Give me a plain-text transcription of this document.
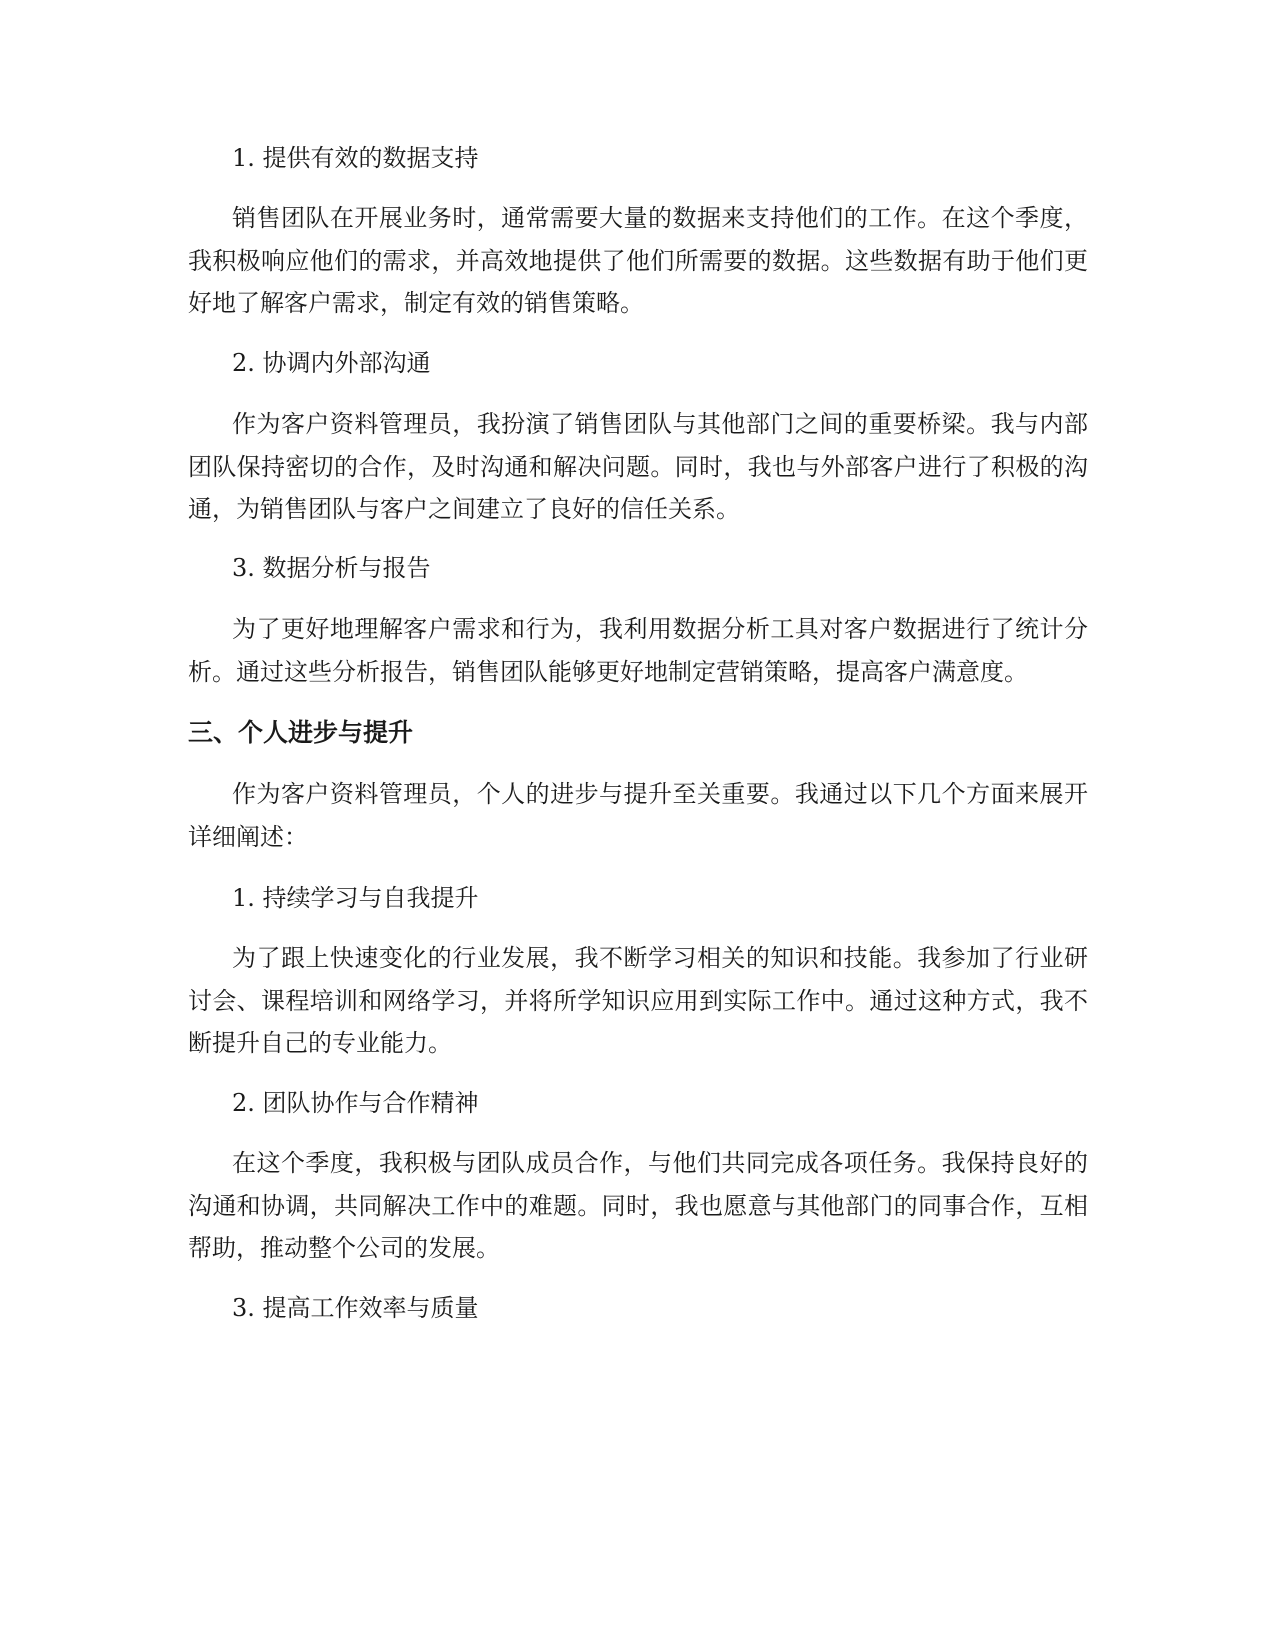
1. 提供有效的数据支持

销售团队在开展业务时，通常需要大量的数据来支持他们的工作。在这个季度，我积极响应他们的需求，并高效地提供了他们所需要的数据。这些数据有助于他们更好地了解客户需求，制定有效的销售策略。

2. 协调内外部沟通

作为客户资料管理员，我扮演了销售团队与其他部门之间的重要桥梁。我与内部团队保持密切的合作，及时沟通和解决问题。同时，我也与外部客户进行了积极的沟通，为销售团队与客户之间建立了良好的信任关系。

3. 数据分析与报告

为了更好地理解客户需求和行为，我利用数据分析工具对客户数据进行了统计分析。通过这些分析报告，销售团队能够更好地制定营销策略，提高客户满意度。

三、个人进步与提升

作为客户资料管理员，个人的进步与提升至关重要。我通过以下几个方面来展开详细阐述：

1. 持续学习与自我提升

为了跟上快速变化的行业发展，我不断学习相关的知识和技能。我参加了行业研讨会、课程培训和网络学习，并将所学知识应用到实际工作中。通过这种方式，我不断提升自己的专业能力。

2. 团队协作与合作精神

在这个季度，我积极与团队成员合作，与他们共同完成各项任务。我保持良好的沟通和协调，共同解决工作中的难题。同时，我也愿意与其他部门的同事合作，互相帮助，推动整个公司的发展。

3. 提高工作效率与质量
